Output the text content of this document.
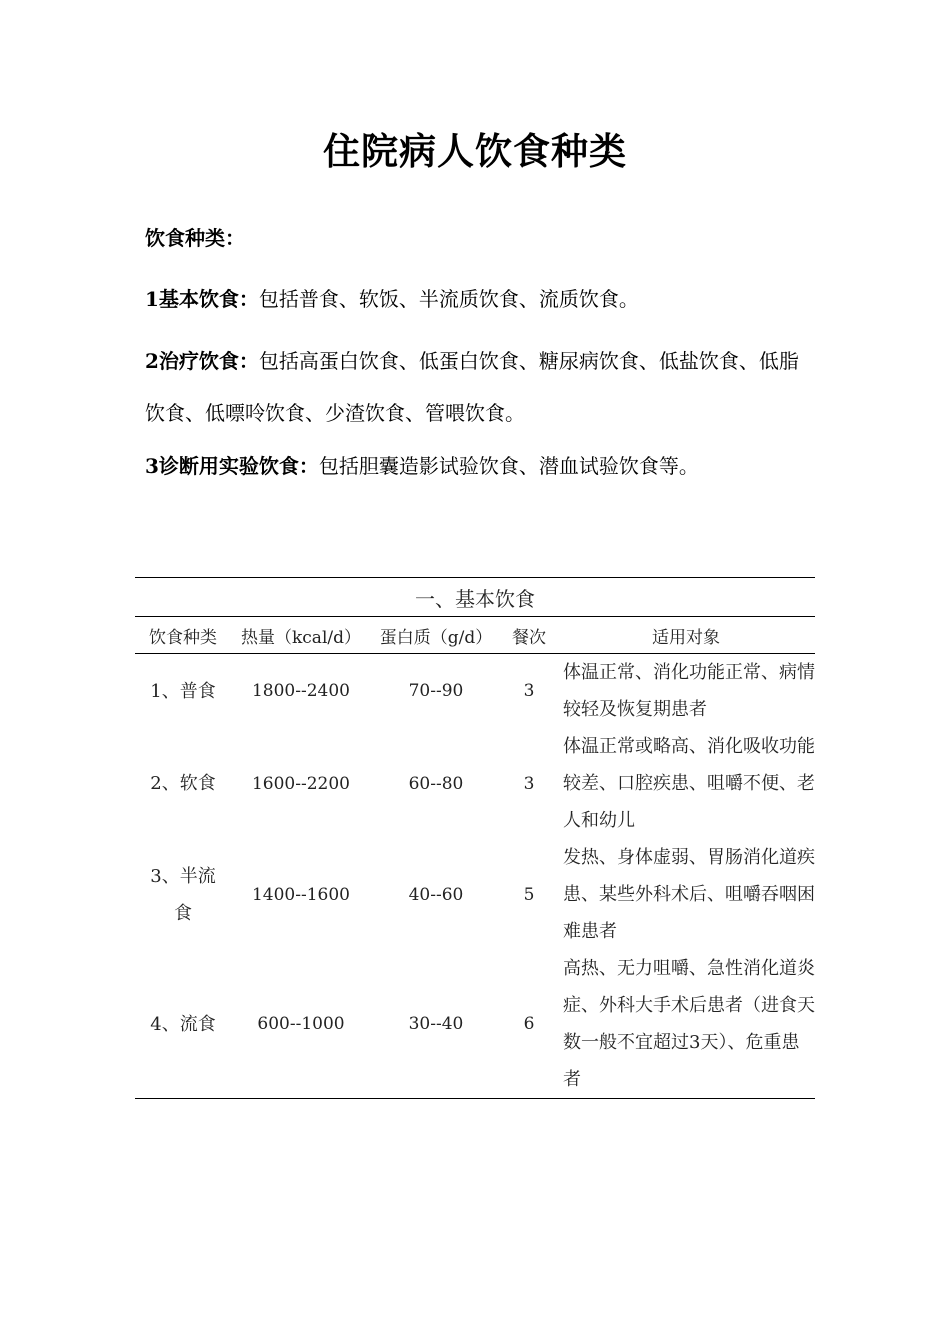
住院病人饮食种类
饮食种类：
1基本饮食：包括普食、软饭、半流质饮食、流质饮食。
2治疗饮食：包括高蛋白饮食、低蛋白饮食、糖尿病饮食、低盐饮食、低脂饮食、低嘌呤饮食、少渣饮食、管喂饮食。
3诊断用实验饮食：包括胆囊造影试验饮食、潜血试验饮食等。
一、基本饮食				
饮食种类	热量（kcal/d）	蛋白质（g/d）	餐次	适用对象
1、普食	1800--2400	70--90	3	体温正常、消化功能正常、病情较轻及恢复期患者
2、软食	1600--2200	60--80	3	体温正常或略高、消化吸收功能较差、口腔疾患、咀嚼不便、老人和幼儿
3、半流食	1400--1600	40--60	5	发热、身体虚弱、胃肠消化道疾患、某些外科术后、咀嚼吞咽困难患者
4、流食	600--1000	30--40	6	高热、无力咀嚼、急性消化道炎症、外科大手术后患者（进食天数一般不宜超过3天）、危重患者
